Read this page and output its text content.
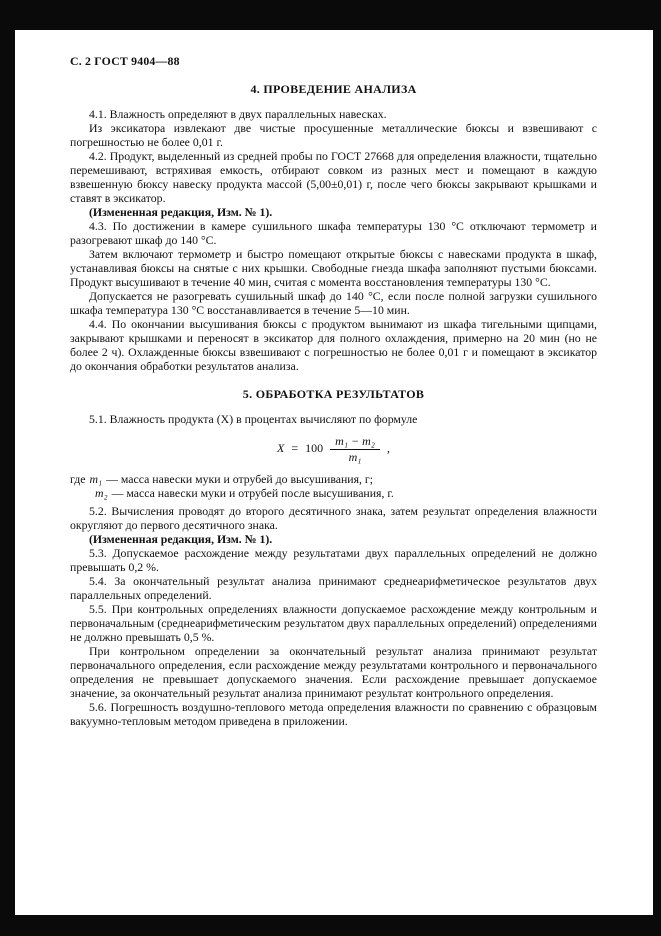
С. 2 ГОСТ 9404—88
4. ПРОВЕДЕНИЕ АНАЛИЗА

4.1. Влажность определяют в двух параллельных навесках.

Из эксикатора извлекают две чистые просушенные металлические бюксы и взвешивают с погрешностью не более 0,01 г.

4.2. Продукт, выделенный из средней пробы по ГОСТ 27668 для определения влажности, тщательно перемешивают, встряхивая емкость, отбирают совком из разных мест и помещают в каждую взвешенную бюксу навеску продукта массой (5,00±0,01) г, после чего бюксы закрывают крышками и ставят в эксикатор.

(Измененная редакция, Изм. № 1).

4.3. По достижении в камере сушильного шкафа температуры 130 °С отключают термометр и разогревают шкаф до 140 °С.

Затем включают термометр и быстро помещают открытые бюксы с навесками продукта в шкаф, устанавливая бюксы на снятые с них крышки. Свободные гнезда шкафа заполняют пустыми бюксами. Продукт высушивают в течение 40 мин, считая с момента восстановления температуры 130 °С.

Допускается не разогревать сушильный шкаф до 140 °С, если после полной загрузки сушильного шкафа температура 130 °С восстанавливается в течение 5—10 мин.

4.4. По окончании высушивания бюксы с продуктом вынимают из шкафа тигельными щипцами, закрывают крышками и переносят в эксикатор для полного охлаждения, примерно на 20 мин (но не более 2 ч). Охлажденные бюксы взвешивают с погрешностью не более 0,01 г и помещают в эксикатор до окончания обработки результатов анализа.

5. ОБРАБОТКА РЕЗУЛЬТАТОВ

5.1. Влажность продукта (X) в процентах вычисляют по формуле

$X = 100 \frac{\text{m₁ − m₂}}{\text{m₁}}$ ,

где m₁ — масса навески муки и отрубей до высушивания, г;

m₂ — масса навески муки и отрубей после высушивания, г.

5.2. Вычисления проводят до второго десятичного знака, затем результат определения влажности округляют до первого десятичного знака.

(Измененная редакция, Изм. № 1).

5.3. Допускаемое расхождение между результатами двух параллельных определений не должно превышать 0,2 %.

5.4. За окончательный результат анализа принимают среднеарифметическое результатов двух параллельных определений.

5.5. При контрольных определениях влажности допускаемое расхождение между контрольным и первоначальным (среднеарифметическим результатом двух параллельных определений) определениями не должно превышать 0,5 %.

При контрольном определении за окончательный результат анализа принимают результат первоначального определения, если расхождение между результатами контрольного и первоначального определения не превышает допускаемого значения. Если расхождение превышает допускаемое значение, за окончательный результат анализа принимают результат контрольного определения.

5.6. Погрешность воздушно-теплового метода определения влажности по сравнению с образцовым вакуумно-тепловым методом приведена в приложении.
